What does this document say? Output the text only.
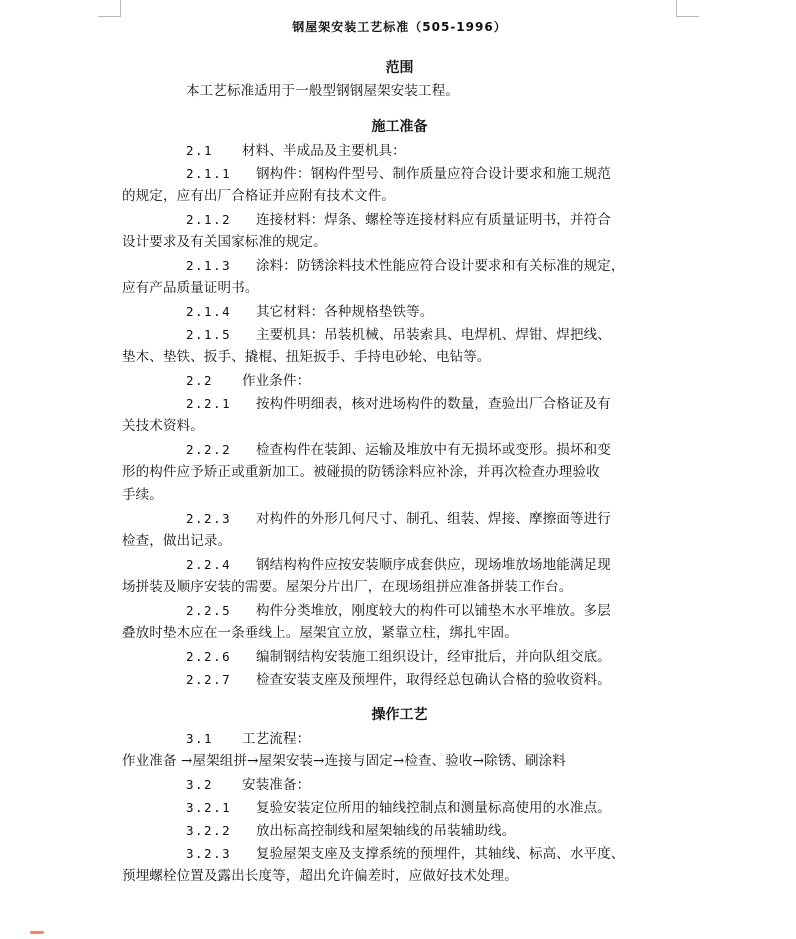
钢屋架安装工艺标准（505-1996）
范围
本工艺标准适用于一般型钢钢屋架安装工程。
施工准备
2.1 材料、半成品及主要机具：
2.1.1 钢构件：钢构件型号、制作质量应符合设计要求和施工规范
的规定，应有出厂合格证并应附有技术文件。
2.1.2 连接材料：焊条、螺栓等连接材料应有质量证明书，并符合
设计要求及有关国家标准的规定。
2.1.3 涂料：防锈涂料技术性能应符合设计要求和有关标准的规定，
应有产品质量证明书。
2.1.4 其它材料：各种规格垫铁等。
2.1.5 主要机具：吊装机械、吊装索具、电焊机、焊钳、焊把线、
垫木、垫铁、扳手、撬棍、扭矩扳手、手持电砂轮、电钻等。
2.2 作业条件：
2.2.1 按构件明细表，核对进场构件的数量，查验出厂合格证及有
关技术资料。
2.2.2 检查构件在装卸、运输及堆放中有无损坏或变形。损坏和变
形的构件应予矫正或重新加工。被碰损的防锈涂料应补涂，并再次检查办理验收
手续。
2.2.3 对构件的外形几何尺寸、制孔、组装、焊接、摩擦面等进行
检查，做出记录。
2.2.4 钢结构构件应按安装顺序成套供应，现场堆放场地能满足现
场拼装及顺序安装的需要。屋架分片出厂，在现场组拼应准备拼装工作台。
2.2.5 构件分类堆放，刚度较大的构件可以铺垫木水平堆放。多层
叠放时垫木应在一条垂线上。屋架宜立放，紧靠立柱，绑扎牢固。
2.2.6 编制钢结构安装施工组织设计，经审批后，并向队组交底。
2.2.7 检查安装支座及预埋件，取得经总包确认合格的验收资料。
操作工艺
3.1 工艺流程：
作业准备 →屋架组拼→屋架安装→连接与固定→检查、验收→除锈、刷涂料
3.2 安装准备：
3.2.1 复验安装定位所用的轴线控制点和测量标高使用的水准点。
3.2.2 放出标高控制线和屋架轴线的吊装辅助线。
3.2.3 复验屋架支座及支撑系统的预埋件，其轴线、标高、水平度、
预埋螺栓位置及露出长度等，超出允许偏差时，应做好技术处理。
